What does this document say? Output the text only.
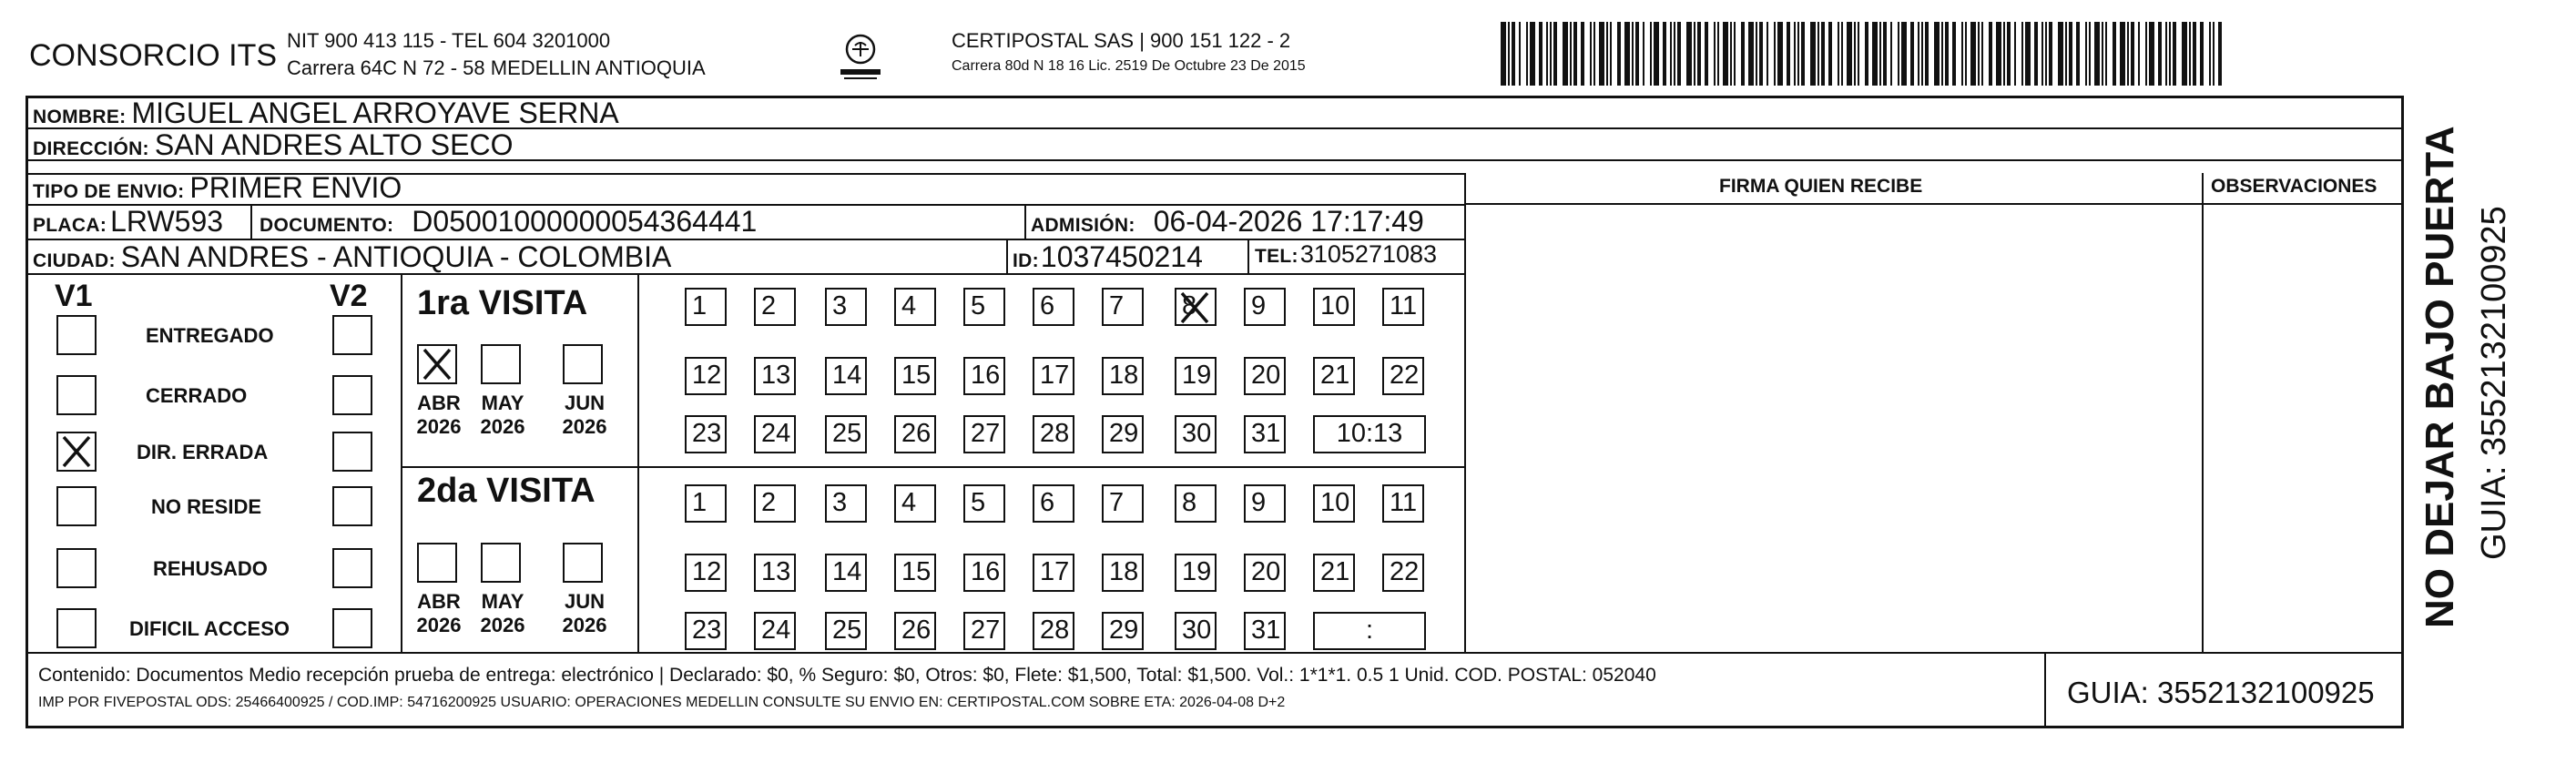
CONSORCIO ITS NIT 900 413 115 - TEL 604 3201000
Carrera 64C N 72 - 58 MEDELLIN ANTIOQUIA
CERTIPOSTAL SAS | 900 151 122 - 2
Carrera 80d N 18 16 Lic. 2519 De Octubre 23 De 2015
NOMBRE: MIGUEL ANGEL ARROYAVE SERNA
DIRECCIÓN: SAN ANDRES ALTO SECO
TIPO DE ENVIO: PRIMER ENVIO	FIRMA QUIEN RECIBE	OBSERVACIONES
PLACA: LRW593 DOCUMENTO: D05001000000054364441	ADMISIÓN: 06-04-2026 17:17:49
CIUDAD: SAN ANDRES - ANTIOQUIA - COLOMBIA	ID: 1037450214	TEL: 3105271083
V1	V2
ENTREGADO
CERRADO
DIR. ERRADA
NO RESIDE
REHUSADO
DIFICIL ACCESO
1ra VISITA
2da VISITA
ABR
2026
MAY
2026
JUN
2026
ABR
2026
MAY
2026
JUN
2026
1	2	3	4	5	6	7	8	9	10 11
12 13 14 15 16 17 18 19 20 21 22
23 24 25 26 27 28 29 30 31	10:13
1	2	3	4	5	6	7	8	9	10 11
12 13 14 15 16 17 18 19 20 21 22
23 24 25 26 27 28 29 30 31	:
Contenido: Documentos Medio recepción prueba de entrega: electrónico | Declarado: $0, % Seguro: $0, Otros: $0, Flete: $1,500, Total: $1,500. Vol.: 1*1*1. 0.5 1 Unid. COD. POSTAL: 052040
IMP POR FIVEPOSTAL ODS: 25466400925 / COD.IMP: 54716200925 USUARIO: OPERACIONES MEDELLIN CONSULTE SU ENVIO EN: CERTIPOSTAL.COM SOBRE ETA: 2026-04-08 D+2	GUIA: 3552132100925
NO DEJAR BAJO PUERTA GUIA: 3552132100925
